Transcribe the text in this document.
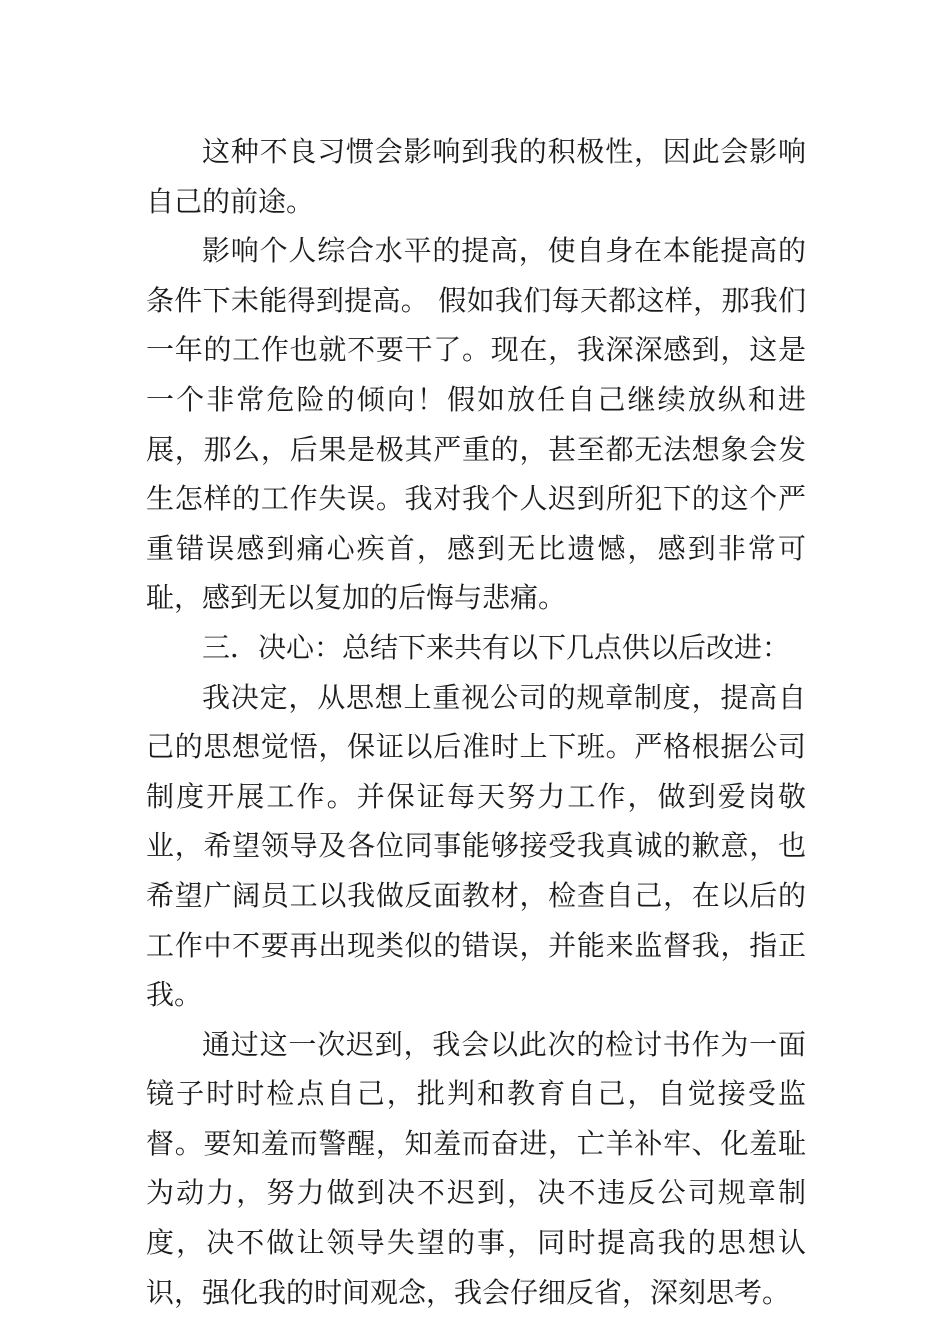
这种不良习惯会影响到我的积极性，因此会影响自己的前途。

影响个人综合水平的提高，使自身在本能提高的条件下未能得到提高。 假如我们每天都这样，那我们一年的工作也就不要干了。现在，我深深感到，这是一个非常危险的倾向！假如放任自己继续放纵和进展，那么，后果是极其严重的，甚至都无法想象会发生怎样的工作失误。我对我个人迟到所犯下的这个严重错误感到痛心疾首，感到无比遗憾，感到非常可耻，感到无以复加的后悔与悲痛。

三．决心：总结下来共有以下几点供以后改进：

我决定，从思想上重视公司的规章制度，提高自己的思想觉悟，保证以后准时上下班。严格根据公司制度开展工作。并保证每天努力工作，做到爱岗敬业，希望领导及各位同事能够接受我真诚的歉意，也希望广阔员工以我做反面教材，检查自己，在以后的工作中不要再出现类似的错误，并能来监督我，指正我。

通过这一次迟到，我会以此次的检讨书作为一面镜子时时检点自己，批判和教育自己，自觉接受监督。要知羞而警醒，知羞而奋进，亡羊补牢、化羞耻为动力，努力做到决不迟到，决不违反公司规章制度，决不做让领导失望的事，同时提高我的思想认识，强化我的时间观念，我会仔细反省，深刻思考。
